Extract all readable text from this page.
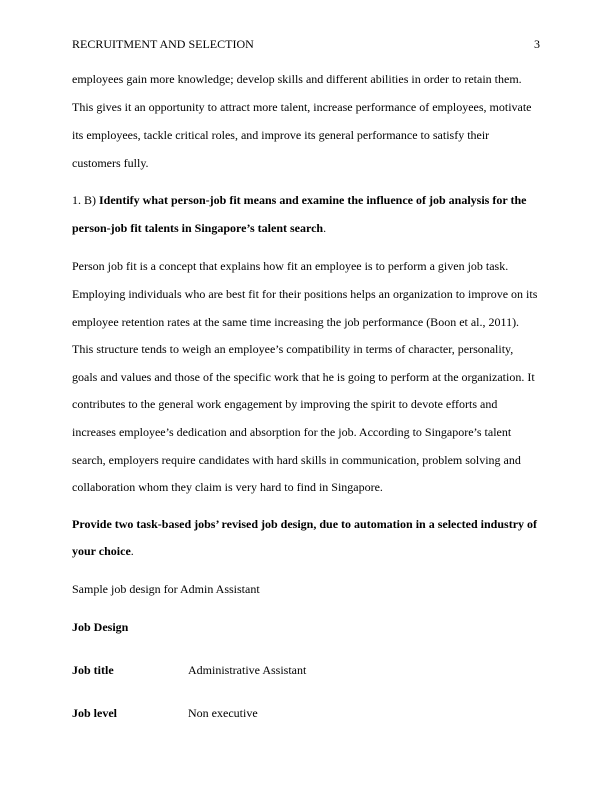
RECRUITMENT AND SELECTION	3
employees gain more knowledge; develop skills and different abilities in order to retain them.
This gives it an opportunity to attract more talent, increase performance of employees, motivate
its employees, tackle critical roles, and improve its general performance to satisfy their
customers fully.
1. B) Identify what person-job fit means and examine the influence of job analysis for the
person-job fit talents in Singapore’s talent search.
Person job fit is a concept that explains how fit an employee is to perform a given job task.
Employing individuals who are best fit for their positions helps an organization to improve on its
employee retention rates at the same time increasing the job performance (Boon et al., 2011).
This structure tends to weigh an employee’s compatibility in terms of character, personality,
goals and values and those of the specific work that he is going to perform at the organization. It
contributes to the general work engagement by improving the spirit to devote efforts and
increases employee’s dedication and absorption for the job. According to Singapore’s talent
search, employers require candidates with hard skills in communication, problem solving and
collaboration whom they claim is very hard to find in Singapore.
Provide two task-based jobs’ revised job design, due to automation in a selected industry of
your choice.
Sample job design for Admin Assistant
Job Design
Job title	Administrative Assistant
Job level	Non executive
